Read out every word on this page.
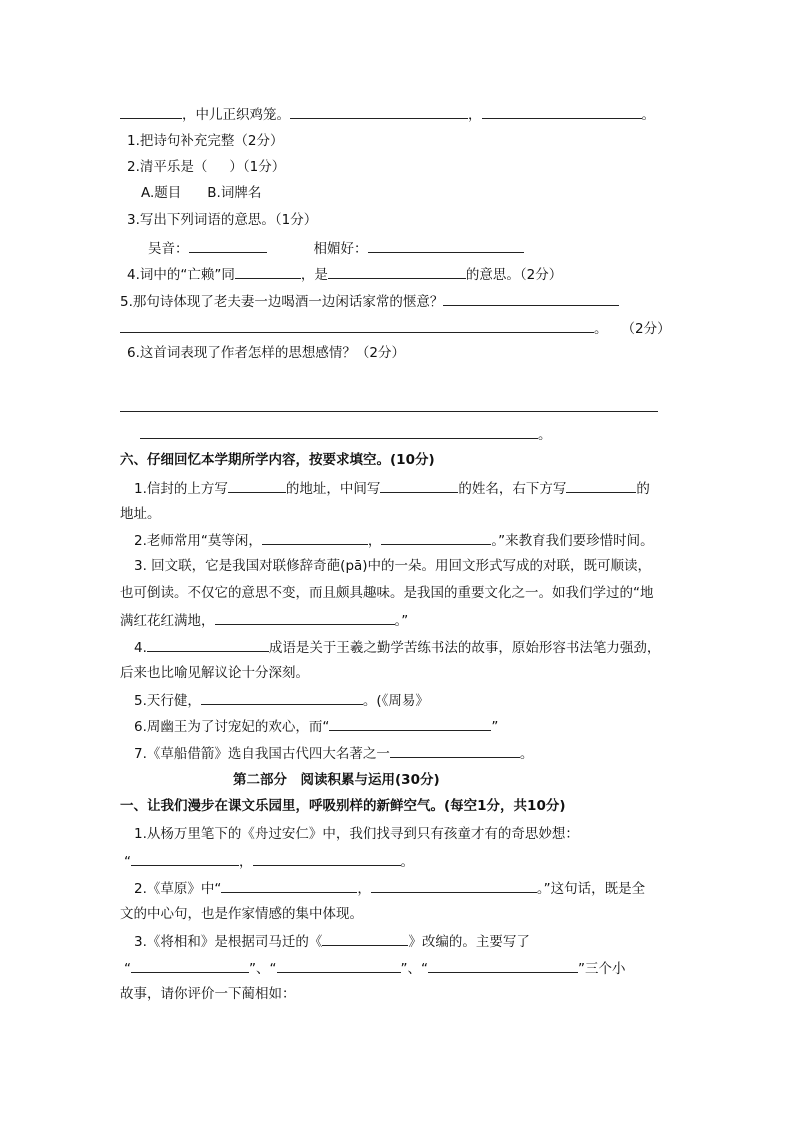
，中儿正织鸡笼。	，	。
1.把诗句补充完整（2分）
2.清平乐是（ ）（1分）
A.题目 B.词牌名
3.写出下列词语的意思。（1分）
吴音：	相媚好：
4.词中的“亡赖”同	，是	的意思。（2分）
5.那句诗体现了老夫妻一边喝酒一边闲话家常的惬意？
。 （2分）
6.这首词表现了作者怎样的思想感情？（2分）
。
六、仔细回忆本学期所学内容，按要求填空。(10分)
1.信封的上方写	的地址，中间写	的姓名，右下方写	的
地址。
2.老师常用“莫等闲，	，	。”来教育我们要珍惜时间。
3. 回文联，它是我国对联修辞奇葩(pā)中的一朵。用回文形式写成的对联，既可顺读，
也可倒读。不仅它的意思不变，而且颇具趣味。是我国的重要文化之一。如我们学过的“地
满红花红满地，	。”
4.	成语是关于王羲之勤学苦练书法的故事，原始形容书法笔力强劲，
后来也比喻见解议论十分深刻。
5.天行健，	。(《周易》
6.周幽王为了讨宠妃的欢心，而“	”
7.《草船借箭》选自我国古代四大名著之一	。
第二部分　阅读积累与运用(30分)
一、让我们漫步在课文乐园里，呼吸别样的新鲜空气。(每空1分，共10分)
1.从杨万里笔下的《舟过安仁》中，我们找寻到只有孩童才有的奇思妙想：
“	，	。
2.《草原》中“	，	。”这句话，既是全
文的中心句，也是作家情感的集中体现。
3.《将相和》是根据司马迁的《	》改编的。主要写了
“	”、“	”、“	”三个小
故事，请你评价一下蔺相如：
